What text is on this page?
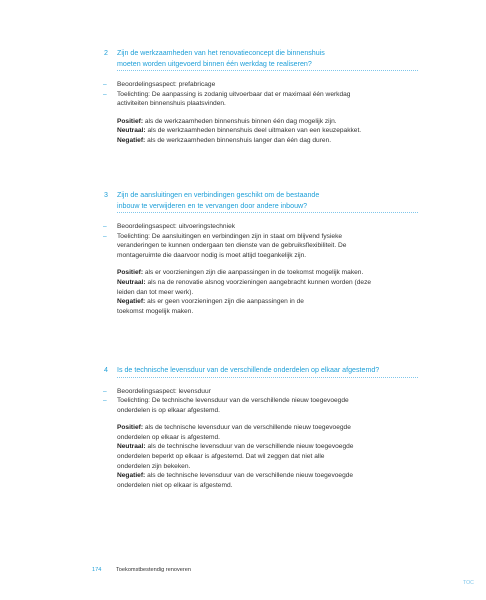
2 Zijn de werkzaamheden van het renovatieconcept die binnenshuis
moeten worden uitgevoerd binnen één werkdag te realiseren?
– Beoordelingsaspect: prefabricage
– Toelichting: De aanpassing is zodanig uitvoerbaar dat er maximaal één werkdag
activiteiten binnenshuis plaatsvinden.
Positief: als de werkzaamheden binnenshuis binnen één dag mogelijk zijn.
Neutraal: als de werkzaamheden binnenshuis deel uitmaken van een keuzepakket.
Negatief: als de werkzaamheden binnenshuis langer dan één dag duren.
3 Zijn de aansluitingen en verbindingen geschikt om de bestaande
inbouw te verwijderen en te vervangen door andere inbouw?
– Beoordelingsaspect: uitvoeringstechniek
– Toelichting: De aansluitingen en verbindingen zijn in staat om blijvend fysieke
veranderingen te kunnen ondergaan ten dienste van de gebruiksflexibiliteit. De
montageruimte die daarvoor nodig is moet altijd toegankelijk zijn.
Positief: als er voorzieningen zijn die aanpassingen in de toekomst mogelijk maken.
Neutraal: als na de renovatie alsnog voorzieningen aangebracht kunnen worden (deze
leiden dan tot meer werk).
Negatief: als er geen voorzieningen zijn die aanpassingen in de
toekomst mogelijk maken.
4 Is de technische levensduur van de verschillende onderdelen op elkaar afgestemd?
– Beoordelingsaspect: levensduur
– Toelichting: De technische levensduur van de verschillende nieuw toegevoegde
onderdelen is op elkaar afgestemd.
Positief: als de technische levensduur van de verschillende nieuw toegevoegde
onderdelen op elkaar is afgestemd.
Neutraal: als de technische levensduur van de verschillende nieuw toegevoegde
onderdelen beperkt op elkaar is afgestemd. Dat wil zeggen dat niet alle
onderdelen zijn bekeken.
Negatief: als de technische levensduur van de verschillende nieuw toegevoegde
onderdelen niet op elkaar is afgestemd.
174	Toekomstbestendig renoveren
TOC
